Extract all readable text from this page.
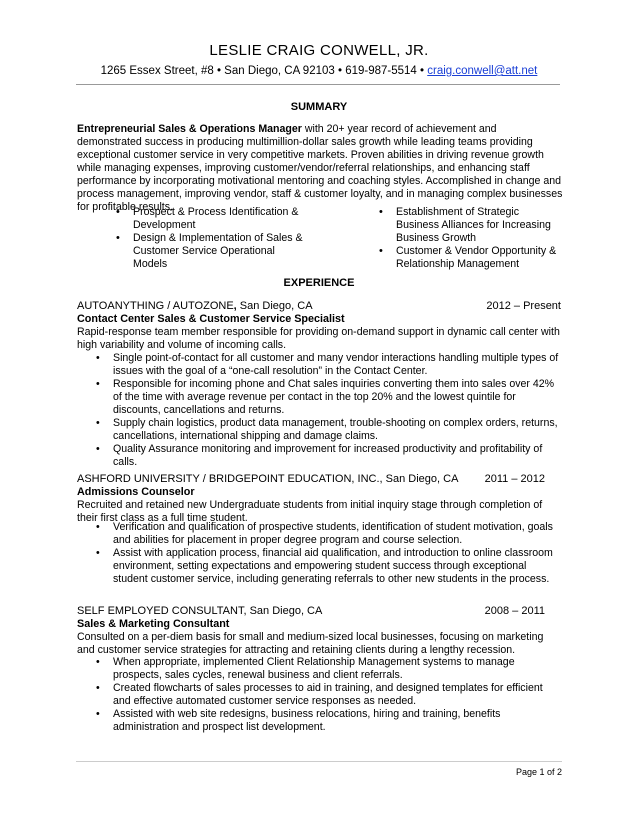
LESLIE CRAIG CONWELL, JR.
1265 Essex Street, #8 • San Diego, CA 92103 • 619-987-5514 • craig.conwell@att.net
SUMMARY
Entrepreneurial Sales & Operations Manager with 20+ year record of achievement and demonstrated success in producing multimillion-dollar sales growth while leading teams providing exceptional customer service in very competitive markets. Proven abilities in driving revenue growth while managing expenses, improving customer/vendor/referral relationships, and enhancing staff performance by incorporating motivational mentoring and coaching styles. Accomplished in change and process management, improving vendor, staff & customer loyalty, and in managing complex businesses for profitable results.
• Prospect & Process Identification & Development
• Design & Implementation of Sales & Customer Service Operational Models
• Establishment of Strategic Business Alliances for Increasing Business Growth
• Customer & Vendor Opportunity & Relationship Management
EXPERIENCE
AUTOANYTHING / AUTOZONE, San Diego, CA	2012 – Present
Contact Center Sales & Customer Service Specialist
Rapid-response team member responsible for providing on-demand support in dynamic call center with high variability and volume of incoming calls.
• Single point-of-contact for all customer and many vendor interactions handling multiple types of issues with the goal of a “one-call resolution” in the Contact Center.
• Responsible for incoming phone and Chat sales inquiries converting them into sales over 42% of the time with average revenue per contact in the top 20% and the lowest quintile for discounts, cancellations and returns.
• Supply chain logistics, product data management, trouble-shooting on complex orders, returns, cancellations, international shipping and damage claims.
• Quality Assurance monitoring and improvement for increased productivity and profitability of calls.
ASHFORD UNIVERSITY / BRIDGEPOINT EDUCATION, INC., San Diego, CA	2011 – 2012
Admissions Counselor
Recruited and retained new Undergraduate students from initial inquiry stage through completion of their first class as a full time student.
• Verification and qualification of prospective students, identification of student motivation, goals and abilities for placement in proper degree program and course selection.
• Assist with application process, financial aid qualification, and introduction to online classroom environment, setting expectations and empowering student success through exceptional student customer service, including generating referrals to other new students in the process.
SELF EMPLOYED CONSULTANT, San Diego, CA	2008 – 2011
Sales & Marketing Consultant
Consulted on a per-diem basis for small and medium-sized local businesses, focusing on marketing and customer service strategies for attracting and retaining clients during a lengthy recession.
• When appropriate, implemented Client Relationship Management systems to manage prospects, sales cycles, renewal business and client referrals.
• Created flowcharts of sales processes to aid in training, and designed templates for efficient and effective automated customer service responses as needed.
• Assisted with web site redesigns, business relocations, hiring and training, benefits administration and prospect list development.
Page 1 of 2
